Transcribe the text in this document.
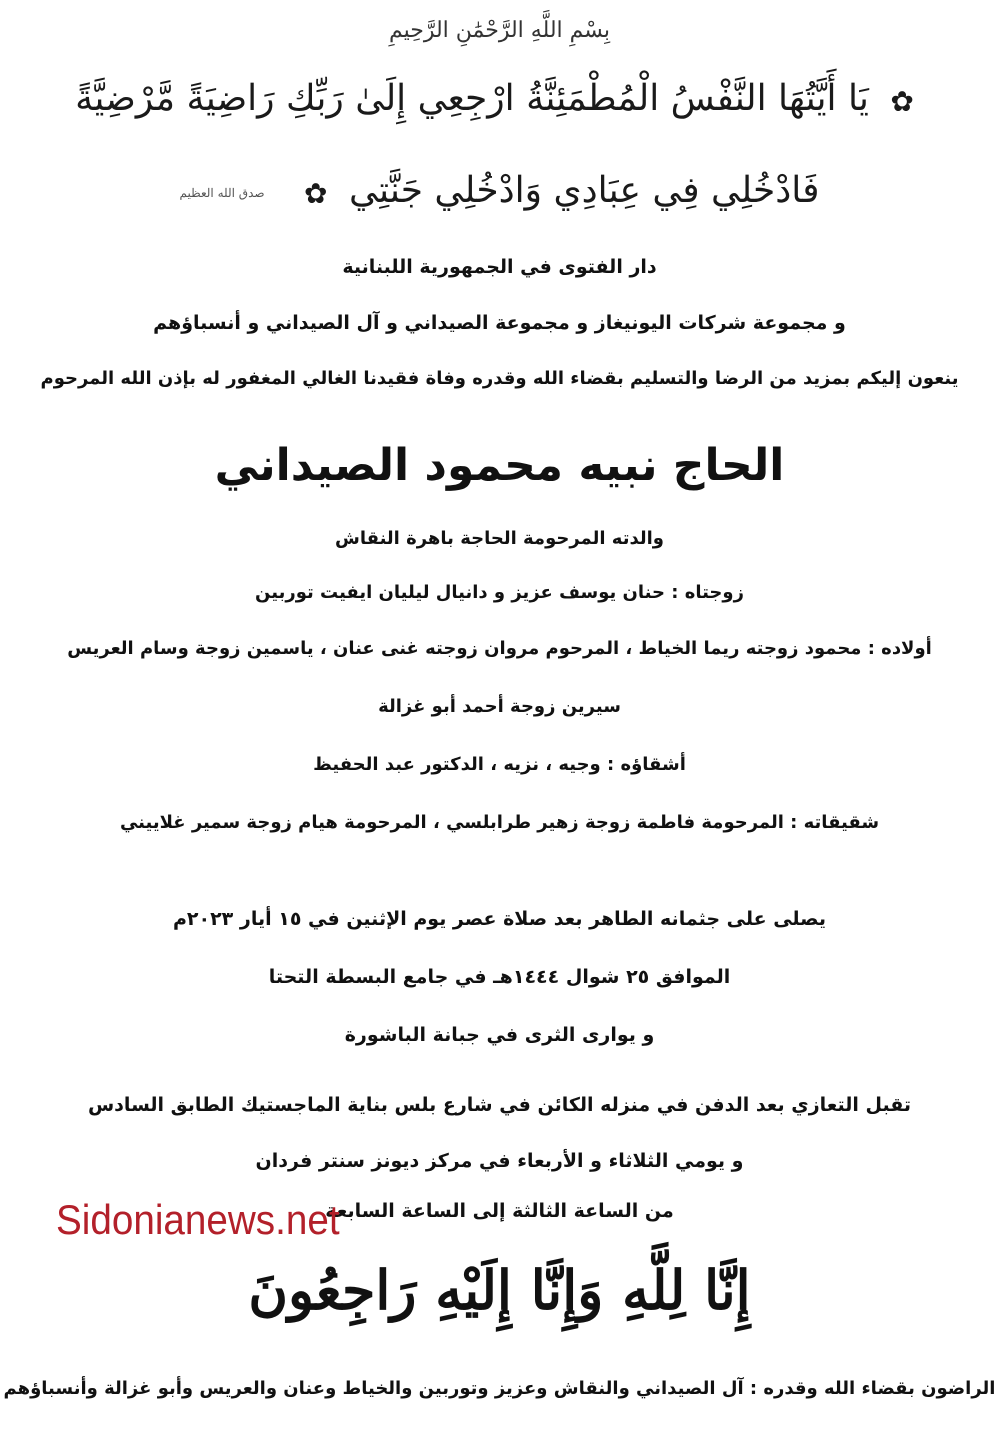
بِسْمِ اللَّهِ الرَّحْمَٰنِ الرَّحِيمِ
✿ يَا أَيَّتُهَا النَّفْسُ الْمُطْمَئِنَّةُ ارْجِعِي إِلَىٰ رَبِّكِ رَاضِيَةً مَّرْضِيَّةً
فَادْخُلِي فِي عِبَادِي وَادْخُلِي جَنَّتِي ✿ صدق الله العظيم
دار الفتوى في الجمهورية اللبنانية
و مجموعة شركات اليونيغاز و مجموعة الصيداني و آل الصيداني و أنسباؤهم
ينعون إليكم بمزيد من الرضا والتسليم بقضاء الله وقدره وفاة فقيدنا الغالي المغفور له بإذن الله المرحوم
الحاج نبيه محمود الصيداني
والدته المرحومة الحاجة باهرة النقاش
زوجتاه : حنان يوسف عزيز و دانيال ليليان ايفيت توربين
أولاده : محمود زوجته ريما الخياط ، المرحوم مروان زوجته غنى عنان ، ياسمين زوجة وسام العريس
سيرين زوجة أحمد أبو غزالة
أشقاؤه : وجيه ، نزيه ، الدكتور عبد الحفيظ
شقيقاته : المرحومة فاطمة زوجة زهير طرابلسي ، المرحومة هيام زوجة سمير غلاييني
يصلى على جثمانه الطاهر بعد صلاة عصر يوم الإثنين في ١٥ أيار ٢٠٢٣م
الموافق ٢٥ شوال ١٤٤٤هـ في جامع البسطة التحتا
و يوارى الثرى في جبانة الباشورة
تقبل التعازي بعد الدفن في منزله الكائن في شارع بلس بناية الماجستيك الطابق السادس
و يومي الثلاثاء و الأربعاء في مركز ديونز سنتر فردان
من الساعة الثالثة إلى الساعة السابعة
Sidonianews.net
إِنَّا لِلَّهِ وَإِنَّا إِلَيْهِ رَاجِعُونَ
الراضون بقضاء الله وقدره : آل الصيداني والنقاش وعزيز وتوربين والخياط وعنان والعريس وأبو غزالة وأنسباؤهم
